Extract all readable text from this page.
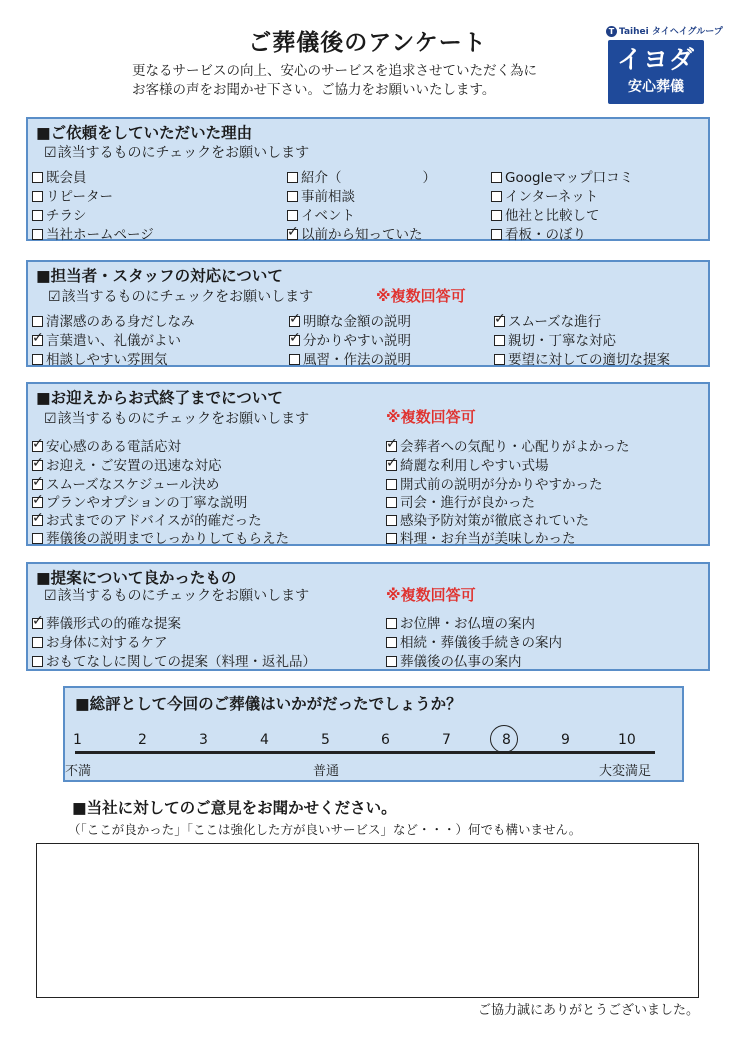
ご葬儀後のアンケート
更なるサービスの向上、安心のサービスを追求させていただく為に
お客様の声をお聞かせ下さい。ご協力をお願いいたします。
T Taihei タイヘイグループ
イヨダ
安心葬儀
■ご依頼をしていただいた理由
☑該当するものにチェックをお願いします
既会員
リピーター
チラシ
当社ホームページ
紹介（　　　　　　）
事前相談
イベント
✓以前から知っていた
Googleマップ口コミ
インターネット
他社と比較して
看板・のぼり
■担当者・スタッフの対応について
☑該当するものにチェックをお願いします	※複数回答可
清潔感のある身だしなみ
✓言葉遣い、礼儀がよい
相談しやすい雰囲気
✓明瞭な金額の説明
✓分かりやすい説明
風習・作法の説明
✓スムーズな進行
親切・丁寧な対応
要望に対しての適切な提案
■お迎えからお式終了までについて
☑該当するものにチェックをお願いします	※複数回答可
✓安心感のある電話応対
✓お迎え・ご安置の迅速な対応
✓スムーズなスケジュール決め
✓プランやオプションの丁寧な説明
✓お式までのアドバイスが的確だった
葬儀後の説明までしっかりしてもらえた
✓会葬者への気配り・心配りがよかった
✓綺麗な利用しやすい式場
開式前の説明が分かりやすかった
司会・進行が良かった
感染予防対策が徹底されていた
料理・お弁当が美味しかった
■提案について良かったもの
☑該当するものにチェックをお願いします	※複数回答可
✓葬儀形式の的確な提案
お身体に対するケア
おもてなしに関しての提案（料理・返礼品）
お位牌・お仏壇の案内
相続・葬儀後手続きの案内
葬儀後の仏事の案内
■総評として今回のご葬儀はいかがだったでしょうか？
1	2	3	4	5	6	7	8	9	10
不満	普通	大変満足
■当社に対してのご意見をお聞かせください。
（「ここが良かった」「ここは強化した方が良いサービス」など・・・）何でも構いません。
ご協力誠にありがとうございました。
